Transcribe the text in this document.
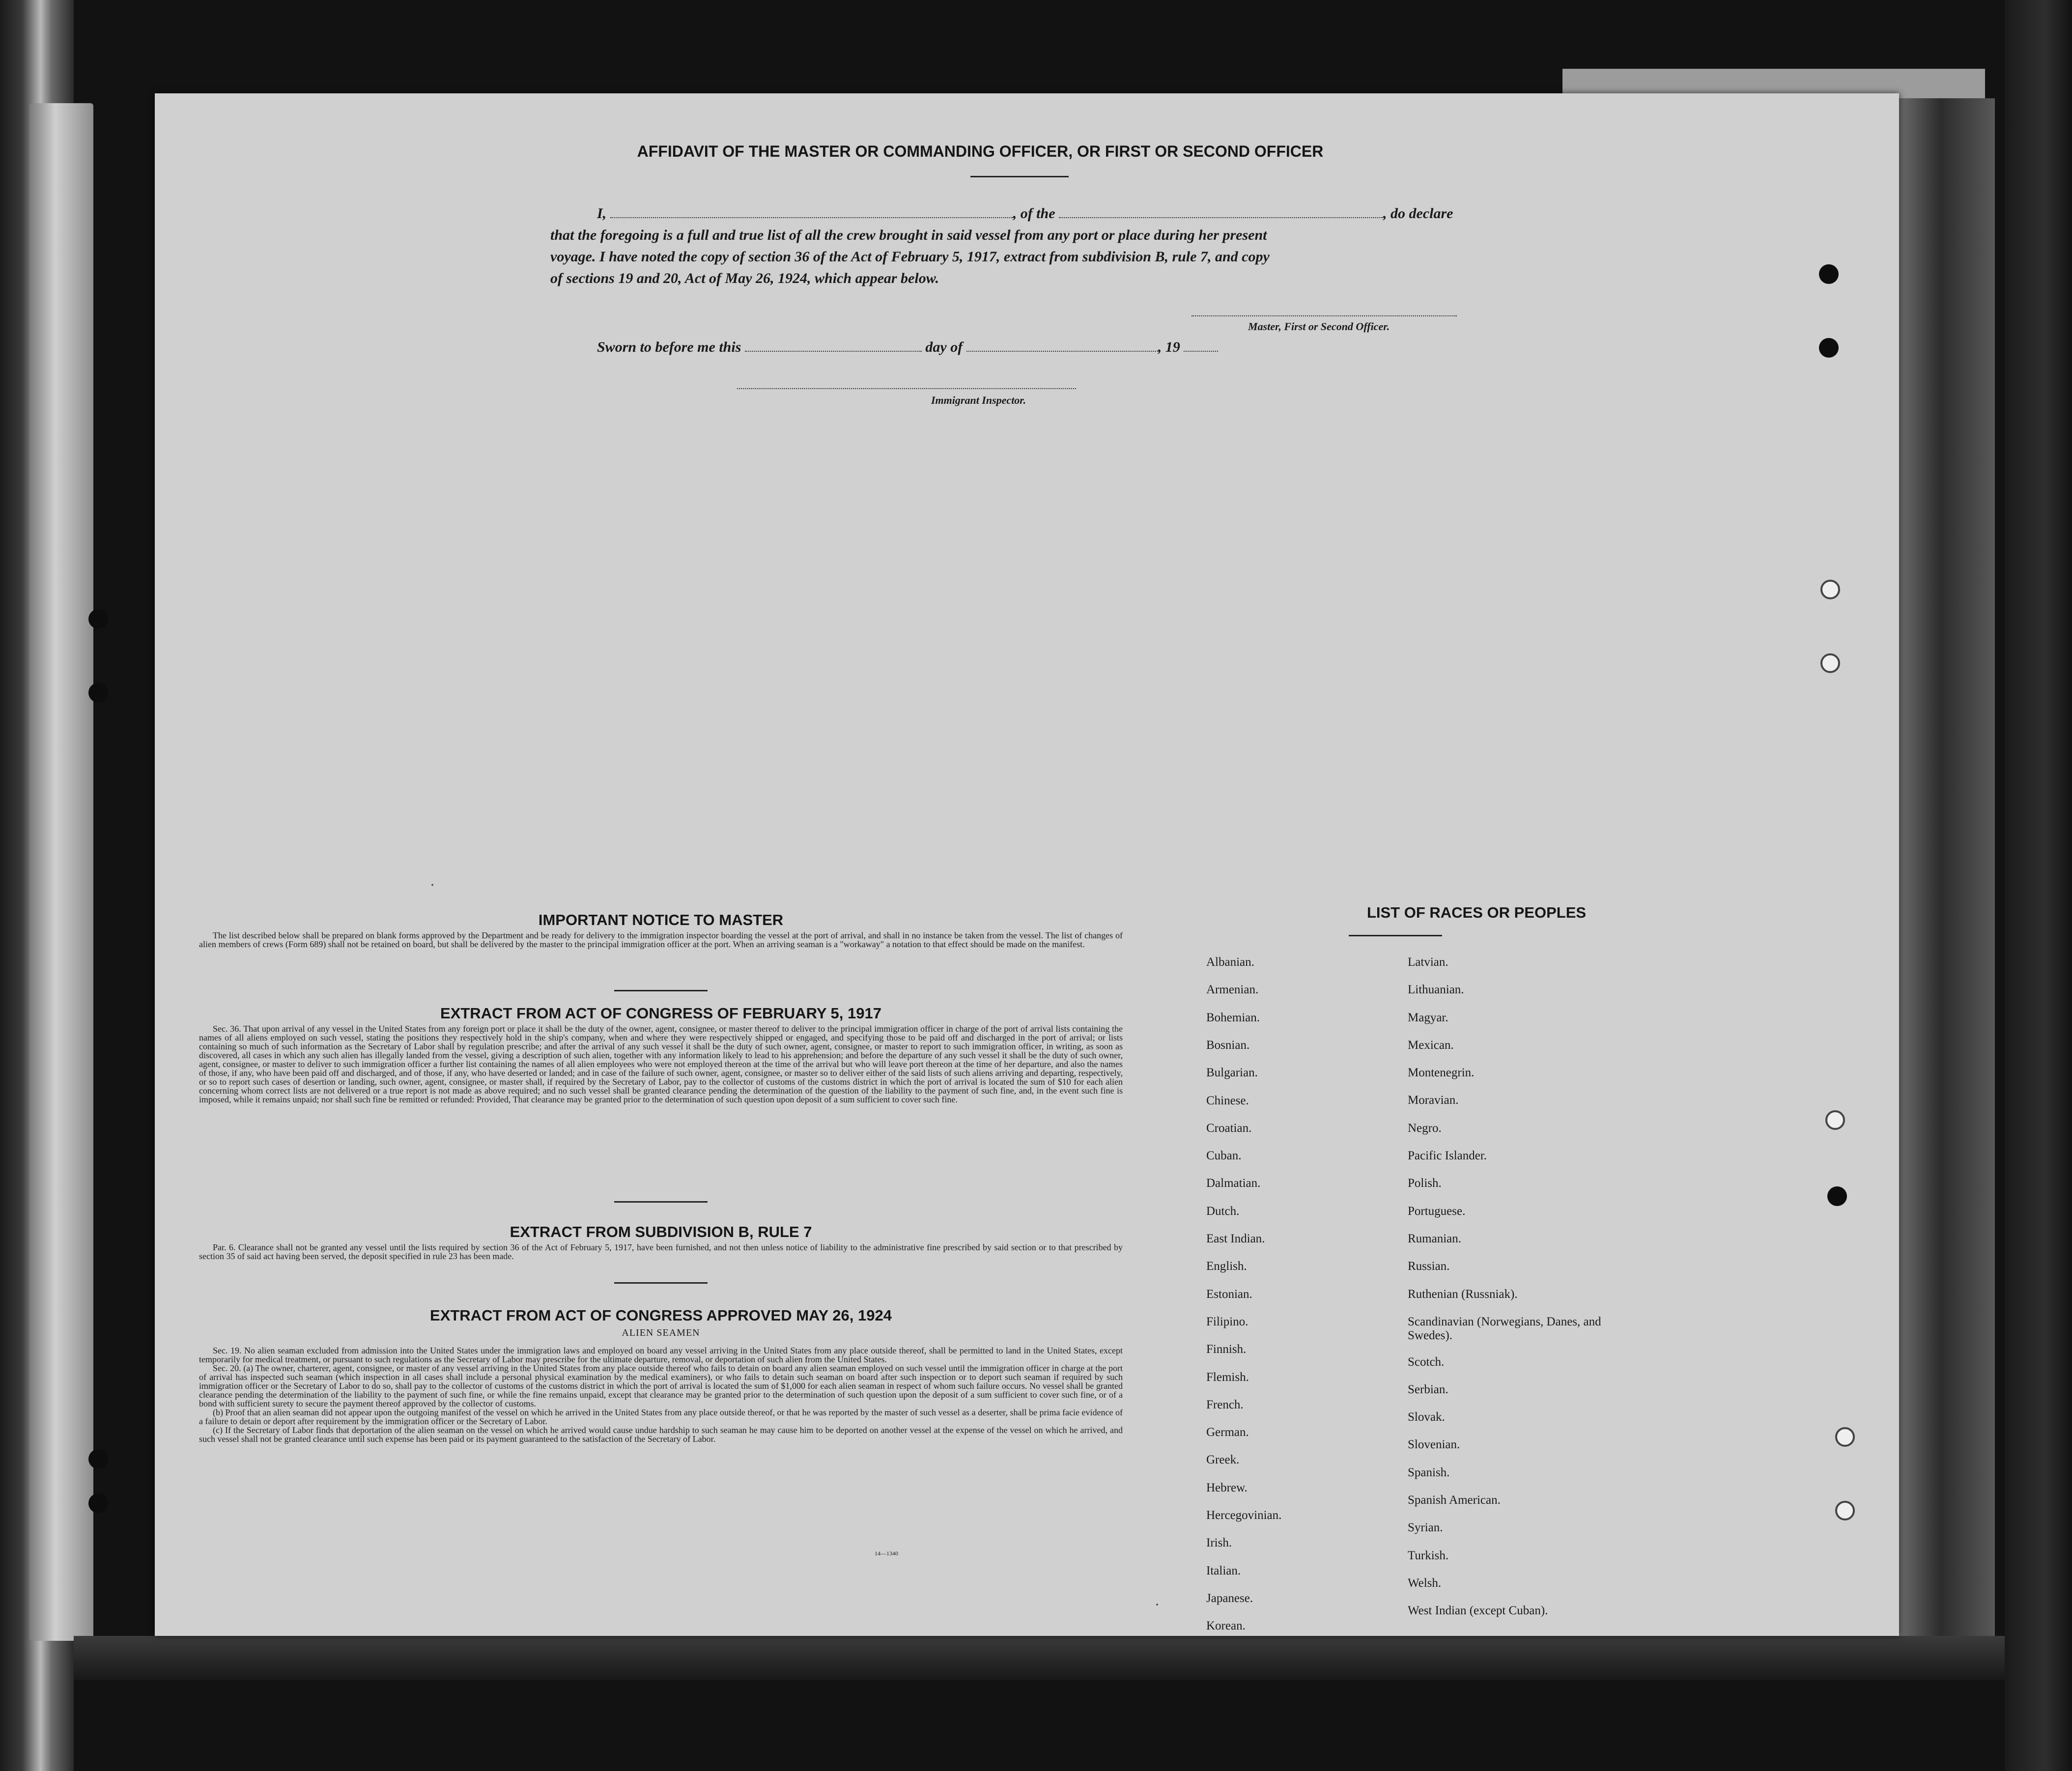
AFFIDAVIT OF THE MASTER OR COMMANDING OFFICER, OR FIRST OR SECOND OFFICER
I,	, of the	, do declare
that the foregoing is a full and true list of all the crew brought in said vessel from any port or place during her present
voyage. I have noted the copy of section 36 of the Act of February 5, 1917, extract from subdivision B, rule 7, and copy
of sections 19 and 20, Act of May 26, 1924, which appear below.
Master, First or Second Officer.
Sworn to before me this	day of	, 19
Immigrant Inspector.
IMPORTANT NOTICE TO MASTER

The list described below shall be prepared on blank forms approved by the Department and be ready for delivery to the immigration inspector boarding the vessel at the port of arrival, and shall in no instance be taken from the vessel. The list of changes of alien members of crews (Form 689) shall not be retained on board, but shall be delivered by the master to the principal immigration officer at the port. When an arriving seaman is a "workaway" a notation to that effect should be made on the manifest.

EXTRACT FROM ACT OF CONGRESS OF FEBRUARY 5, 1917

Sec. 36. That upon arrival of any vessel in the United States from any foreign port or place it shall be the duty of the owner, agent, consignee, or master thereof to deliver to the principal immigration officer in charge of the port of arrival lists containing the names of all aliens employed on such vessel, stating the positions they respectively hold in the ship's company, when and where they were respectively shipped or engaged, and specifying those to be paid off and discharged in the port of arrival; or lists containing so much of such information as the Secretary of Labor shall by regulation prescribe; and after the arrival of any such vessel it shall be the duty of such owner, agent, consignee, or master to report to such immigration officer, in writing, as soon as discovered, all cases in which any such alien has illegally landed from the vessel, giving a description of such alien, together with any information likely to lead to his apprehension; and before the departure of any such vessel it shall be the duty of such owner, agent, consignee, or master to deliver to such immigration officer a further list containing the names of all alien employees who were not employed thereon at the time of the arrival but who will leave port thereon at the time of her departure, and also the names of those, if any, who have been paid off and discharged, and of those, if any, who have deserted or landed; and in case of the failure of such owner, agent, consignee, or master so to deliver either of the said lists of such aliens arriving and departing, respectively, or so to report such cases of desertion or landing, such owner, agent, consignee, or master shall, if required by the Secretary of Labor, pay to the collector of customs of the customs district in which the port of arrival is located the sum of $10 for each alien concerning whom correct lists are not delivered or a true report is not made as above required; and no such vessel shall be granted clearance pending the determination of the question of the liability to the payment of such fine, and, in the event such fine is imposed, while it remains unpaid; nor shall such fine be remitted or refunded: Provided, That clearance may be granted prior to the determination of such question upon deposit of a sum sufficient to cover such fine.

EXTRACT FROM SUBDIVISION B, RULE 7

Par. 6. Clearance shall not be granted any vessel until the lists required by section 36 of the Act of February 5, 1917, have been furnished, and not then unless notice of liability to the administrative fine prescribed by said section or to that prescribed by section 35 of said act having been served, the deposit specified in rule 23 has been made.

EXTRACT FROM ACT OF CONGRESS APPROVED MAY 26, 1924
ALIEN SEAMEN

Sec. 19. No alien seaman excluded from admission into the United States under the immigration laws and employed on board any vessel arriving in the United States from any place outside thereof, shall be permitted to land in the United States, except temporarily for medical treatment, or pursuant to such regulations as the Secretary of Labor may prescribe for the ultimate departure, removal, or deportation of such alien from the United States.

Sec. 20. (a) The owner, charterer, agent, consignee, or master of any vessel arriving in the United States from any place outside thereof who fails to detain on board any alien seaman employed on such vessel until the immigration officer in charge at the port of arrival has inspected such seaman (which inspection in all cases shall include a personal physical examination by the medical examiners), or who fails to detain such seaman on board after such inspection or to deport such seaman if required by such immigration officer or the Secretary of Labor to do so, shall pay to the collector of customs of the customs district in which the port of arrival is located the sum of $1,000 for each alien seaman in respect of whom such failure occurs. No vessel shall be granted clearance pending the determination of the liability to the payment of such fine, or while the fine remains unpaid, except that clearance may be granted prior to the determination of such question upon the deposit of a sum sufficient to cover such fine, or of a bond with sufficient surety to secure the payment thereof approved by the collector of customs.

(b) Proof that an alien seaman did not appear upon the outgoing manifest of the vessel on which he arrived in the United States from any place outside thereof, or that he was reported by the master of such vessel as a deserter, shall be prima facie evidence of a failure to detain or deport after requirement by the immigration officer or the Secretary of Labor.

(c) If the Secretary of Labor finds that deportation of the alien seaman on the vessel on which he arrived would cause undue hardship to such seaman he may cause him to be deported on another vessel at the expense of the vessel on which he arrived, and such vessel shall not be granted clearance until such expense has been paid or its payment guaranteed to the satisfaction of the Secretary of Labor.

14—1340
LIST OF RACES OR PEOPLES
Albanian.
Armenian.
Bohemian.
Bosnian.
Bulgarian.
Chinese.
Croatian.
Cuban.
Dalmatian.
Dutch.
East Indian.
English.
Estonian.
Filipino.
Finnish.
Flemish.
French.
German.
Greek.
Hebrew.
Hercegovinian.
Irish.
Italian.
Japanese.
Korean.
Latvian.
Lithuanian.
Magyar.
Mexican.
Montenegrin.
Moravian.
Negro.
Pacific Islander.
Polish.
Portuguese.
Rumanian.
Russian.
Ruthenian (Russniak).
Scandinavian (Norwegians, Danes, and Swedes).
Scotch.
Serbian.
Slovak.
Slovenian.
Spanish.
Spanish American.
Syrian.
Turkish.
Welsh.
West Indian (except Cuban).
·
·
